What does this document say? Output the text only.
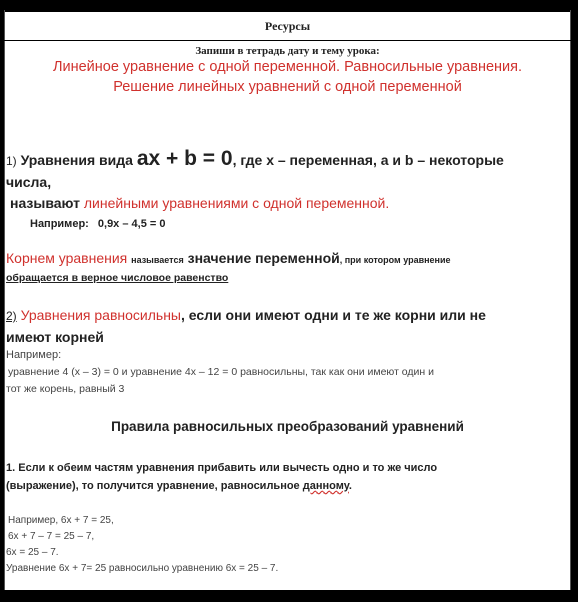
Ресурсы
Запиши в тетрадь дату и тему урока:
Линейное уравнение с одной переменной. Равносильные уравнения.
Решение линейных уравнений с одной переменной
1) Уравнения вида ax + b = 0, где х – переменная, а и b – некоторые
числа,
называют линейными уравнениями с одной переменной.
Например: 0,9х – 4,5 = 0
Корнем уравнения называется значение переменной, при котором уравнение
обращается в верное числовое равенство
2) Уравнения равносильны, если они имеют одни и те же корни или не
имеют корней
Например:
уравнение 4 (х – 3) = 0 и уравнение 4х – 12 = 0 равносильны, так как они имеют один и
тот же корень, равный 3
Правила равносильных преобразований уравнений
1. Если к обеим частям уравнения прибавить или вычесть одно и то же число
(выражение), то получится уравнение, равносильное данному.
Например, 6х + 7 = 25,
6х + 7 – 7 = 25 – 7,
6х = 25 – 7.
Уравнение 6х + 7= 25 равносильно уравнению 6х = 25 – 7.
